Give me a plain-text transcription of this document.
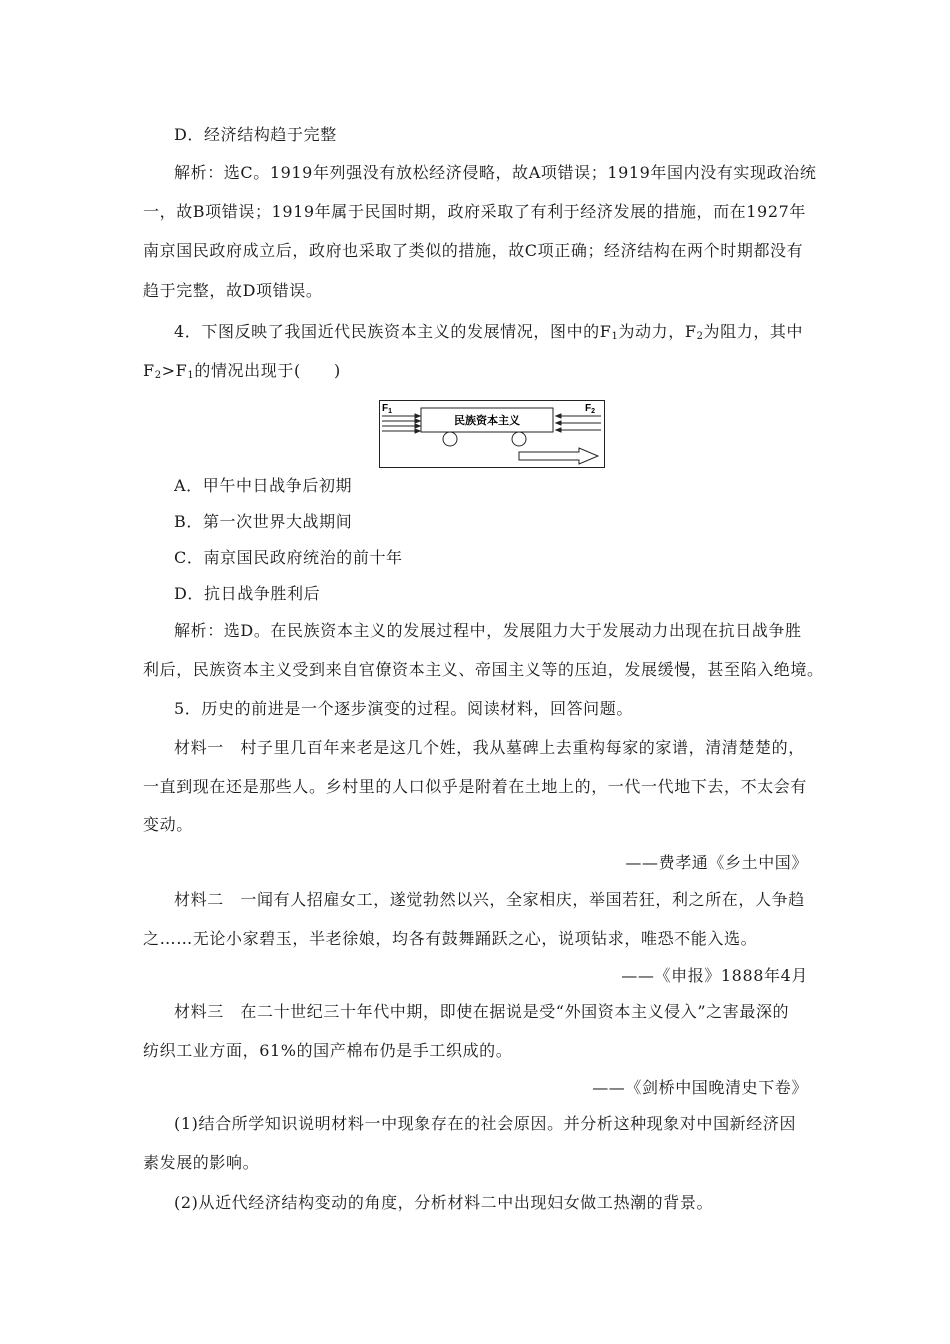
D．经济结构趋于完整
解析：选C。1919年列强没有放松经济侵略，故A项错误；1919年国内没有实现政治统
一，故B项错误；1919年属于民国时期，政府采取了有利于经济发展的措施，而在1927年
南京国民政府成立后，政府也采取了类似的措施，故C项正确；经济结构在两个时期都没有
趋于完整，故D项错误。
4．下图反映了我国近代民族资本主义的发展情况，图中的$F_1$为动力，$F_2$为阻力，其中
$F_2>F_1$的情况出现于(　　)
$F_1$	$F_2$
民族资本主义
A．甲午中日战争后初期
B．第一次世界大战期间
C．南京国民政府统治的前十年
D．抗日战争胜利后
解析：选D。在民族资本主义的发展过程中，发展阻力大于发展动力出现在抗日战争胜
利后，民族资本主义受到来自官僚资本主义、帝国主义等的压迫，发展缓慢，甚至陷入绝境。
5．历史的前进是一个逐步演变的过程。阅读材料，回答问题。
材料一　村子里几百年来老是这几个姓，我从墓碑上去重构每家的家谱，清清楚楚的，
一直到现在还是那些人。乡村里的人口似乎是附着在土地上的，一代一代地下去，不太会有
变动。
——费孝通《乡土中国》
材料二　一闻有人招雇女工，遂觉勃然以兴，全家相庆，举国若狂，利之所在，人争趋
之……无论小家碧玉，半老徐娘，均各有鼓舞踊跃之心，说项钻求，唯恐不能入选。
——《申报》1888年4月
材料三　在二十世纪三十年代中期，即使在据说是受“外国资本主义侵入”之害最深的
纺织工业方面，61%的国产棉布仍是手工织成的。
——《剑桥中国晚清史下卷》
(1)结合所学知识说明材料一中现象存在的社会原因。并分析这种现象对中国新经济因
素发展的影响。
(2)从近代经济结构变动的角度，分析材料二中出现妇女做工热潮的背景。
